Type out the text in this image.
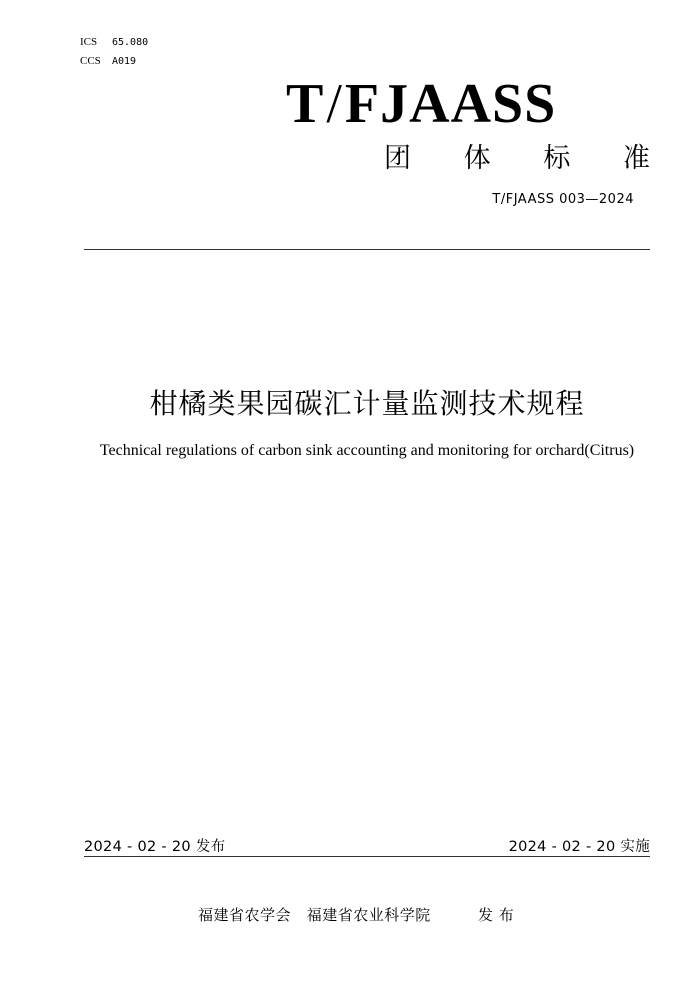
ICS 65.080
CCS A019
T/FJAASS
团 体 标 准
T/FJAASS 003—2024
柑橘类果园碳汇计量监测技术规程
Technical regulations of carbon sink accounting and monitoring for orchard(Citrus)
2024 - 02 - 20 发布	2024 - 02 - 20 实施
福建省农学会   福建省农业科学院	发 布
